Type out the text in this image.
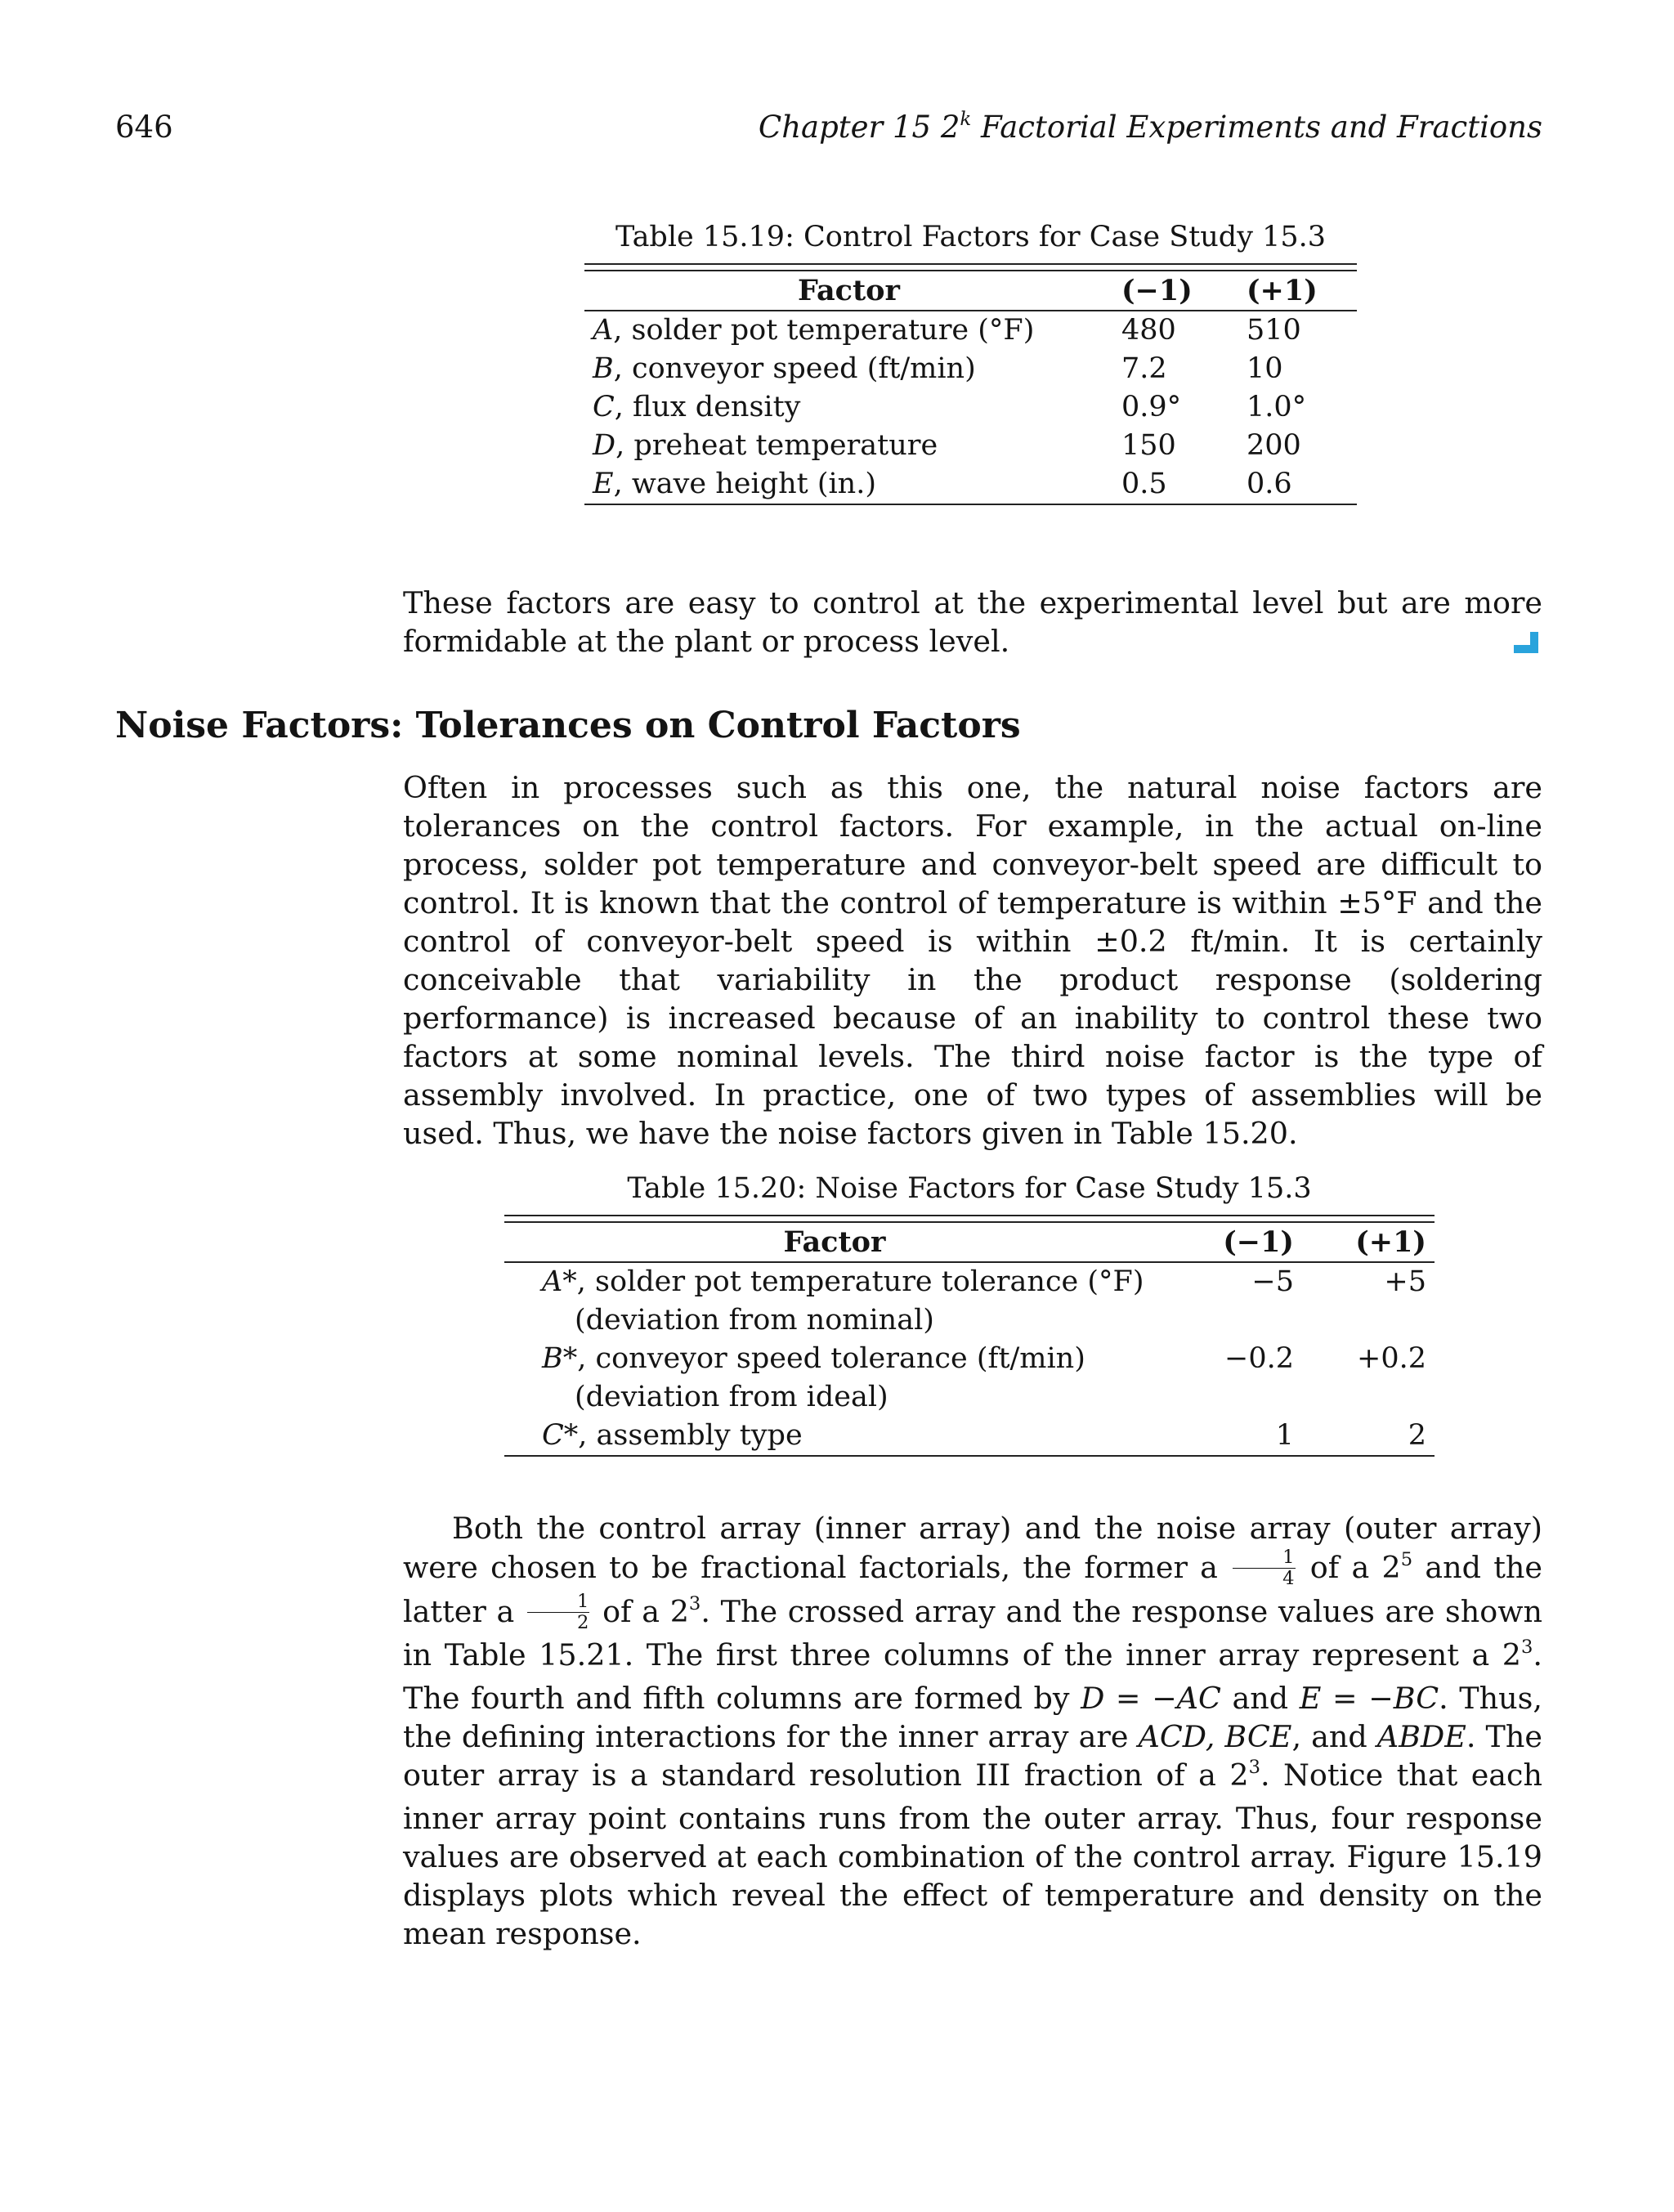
646	Chapter 15 2$^k$ Factorial Experiments and Fractions
Table 15.19: Control Factors for Case Study 15.3
Factor	(−1)	(+1)
A, solder pot temperature (°F)	480	510
B, conveyor speed (ft/min)	7.2	10
C, flux density	0.9°	1.0°
D, preheat temperature	150	200
E, wave height (in.)	0.5	0.6
These factors are easy to control at the experimental level but are more formidable at the plant or process level.
Noise Factors: Tolerances on Control Factors
Often in processes such as this one, the natural noise factors are tolerances on the control factors. For example, in the actual on-line process, solder pot temperature and conveyor-belt speed are difficult to control. It is known that the control of temperature is within ±5°F and the control of conveyor-belt speed is within ±0.2 ft/min. It is certainly conceivable that variability in the product response (soldering performance) is increased because of an inability to control these two factors at some nominal levels. The third noise factor is the type of assembly involved. In practice, one of two types of assemblies will be used. Thus, we have the noise factors given in Table 15.20.
Table 15.20: Noise Factors for Case Study 15.3
Factor	(−1)	(+1)
A*, solder pot temperature tolerance (°F)	−5	+5
(deviation from nominal)		
B*, conveyor speed tolerance (ft/min)	−0.2	+0.2
(deviation from ideal)		
C*, assembly type	1	2
Both the control array (inner array) and the noise array (outer array) were chosen to be fractional factorials, the former a $\frac{1}{4}$ of a $2^5$ and the latter a $\frac{1}{2}$ of a $2^3$. The crossed array and the response values are shown in Table 15.21. The first three columns of the inner array represent a $2^3$. The fourth and fifth columns are formed by D = −AC and E = −BC. Thus, the defining interactions for the inner array are ACD, BCE, and ABDE. The outer array is a standard resolution III fraction of a $2^3$. Notice that each inner array point contains runs from the outer array. Thus, four response values are observed at each combination of the control array. Figure 15.19 displays plots which reveal the effect of temperature and density on the mean response.
